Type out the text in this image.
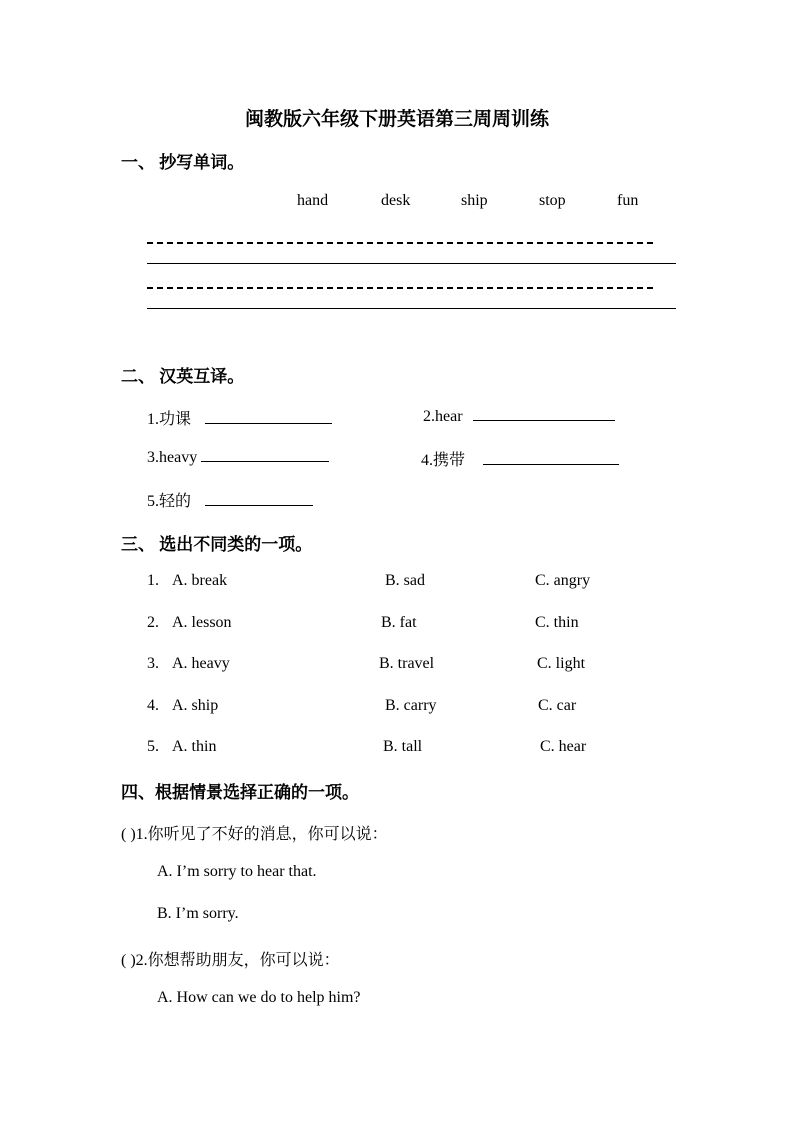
闽教版六年级下册英语第三周周训练
一、 抄写单词。
hand	desk	ship	stop	fun
二、 汉英互译。
1.功课	2.hear
3.heavy	4.携带
5.轻的
三、 选出不同类的一项。
1. A. break	B. sad	C. angry
2. A. lesson	B. fat	C. thin
3. A. heavy	B. travel	C. light
4. A. ship	B. carry	C. car
5. A. thin	B. tall	C. hear
四、根据情景选择正确的一项。
( )1.你听见了不好的消息，你可以说：
A. I’m sorry to hear that.
B. I’m sorry.
( )2.你想帮助朋友，你可以说：
A. How can we do to help him?
